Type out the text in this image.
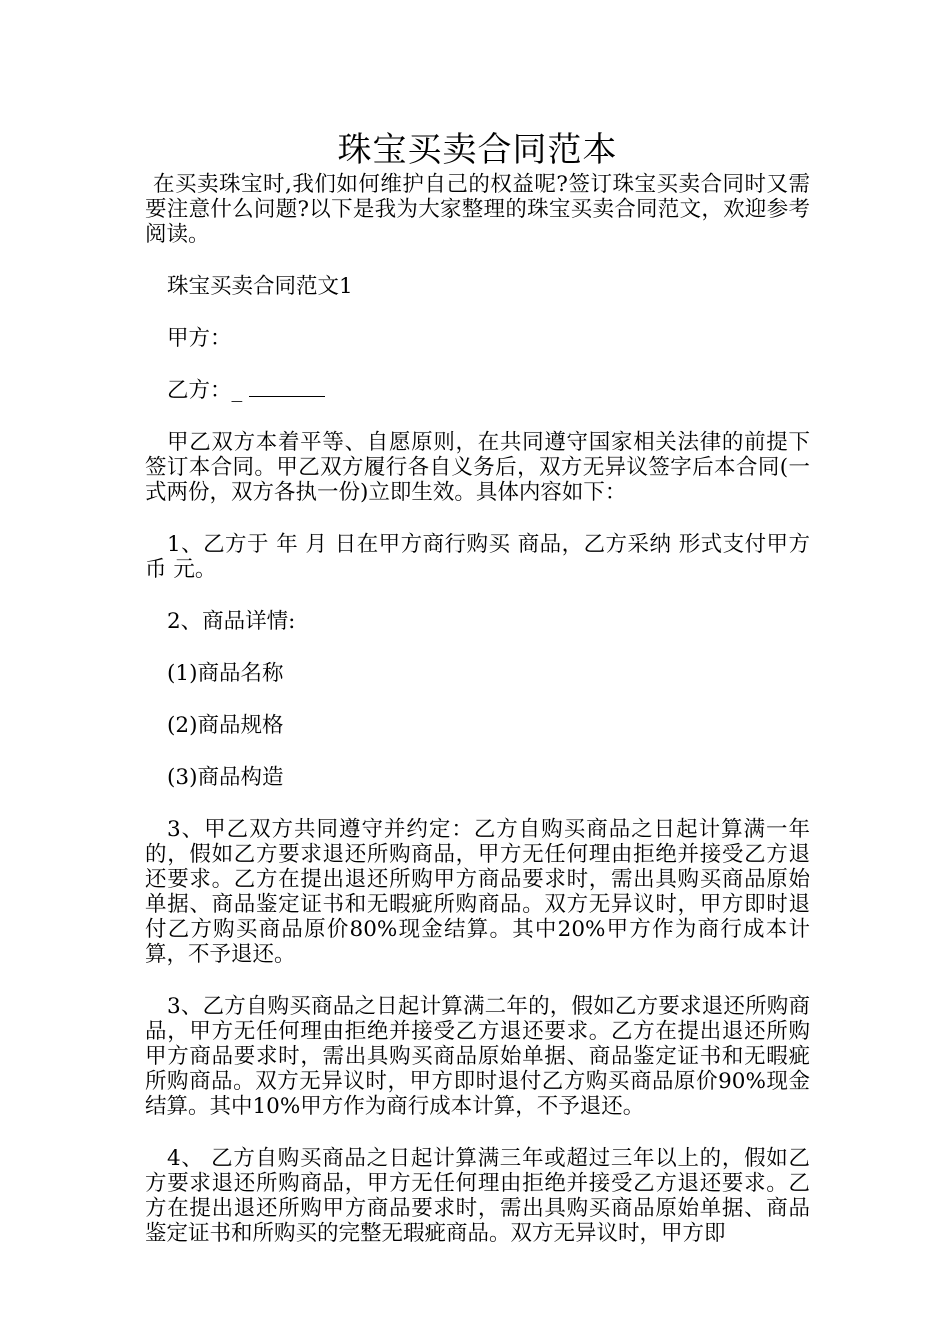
珠宝买卖合同范本

在买卖珠宝时,我们如何维护自己的权益呢?签订珠宝买卖合同时又需要注意什么问题?以下是我为大家整理的珠宝买卖合同范文，欢迎参考阅读。

珠宝买卖合同范文1

甲方：

乙方：_

甲乙双方本着平等、自愿原则，在共同遵守国家相关法律的前提下签订本合同。甲乙双方履行各自义务后，双方无异议签字后本合同(一式两份，双方各执一份)立即生效。具体内容如下：

1、乙方于 年 月 日在甲方商行购买 商品，乙方采纳 形式支付甲方币 元。

2、商品详情:

(1)商品名称

(2)商品规格

(3)商品构造

3、甲乙双方共同遵守并约定：乙方自购买商品之日起计算满一年的，假如乙方要求退还所购商品，甲方无任何理由拒绝并接受乙方退还要求。乙方在提出退还所购甲方商品要求时，需出具购买商品原始单据、商品鉴定证书和无暇疵所购商品。双方无异议时，甲方即时退付乙方购买商品原价80%现金结算。其中20%甲方作为商行成本计算，不予退还。

3、乙方自购买商品之日起计算满二年的，假如乙方要求退还所购商品，甲方无任何理由拒绝并接受乙方退还要求。乙方在提出退还所购甲方商品要求时，需出具购买商品原始单据、商品鉴定证书和无暇疵所购商品。双方无异议时，甲方即时退付乙方购买商品原价90%现金结算。其中10%甲方作为商行成本计算，不予退还。

4、 乙方自购买商品之日起计算满三年或超过三年以上的，假如乙方要求退还所购商品，甲方无任何理由拒绝并接受乙方退还要求。乙方在提出退还所购甲方商品要求时，需出具购买商品原始单据、商品鉴定证书和所购买的完整无瑕疵商品。双方无异议时，甲方即
